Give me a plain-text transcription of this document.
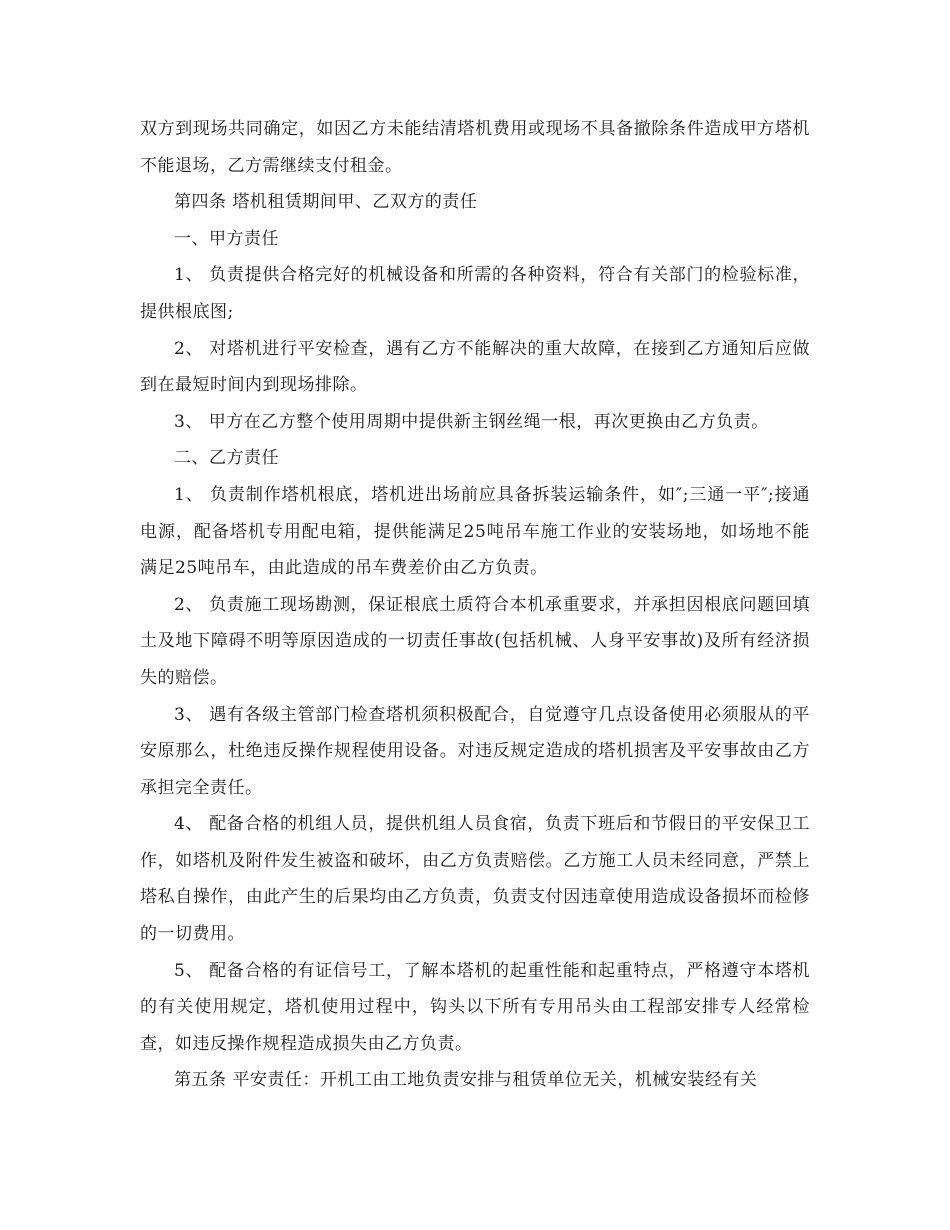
双方到现场共同确定，如因乙方未能结清塔机费用或现场不具备撤除条件造成甲方塔机不能退场，乙方需继续支付租金。

第四条 塔机租赁期间甲、乙双方的责任

一、甲方责任

1、 负责提供合格完好的机械设备和所需的各种资料，符合有关部门的检验标准，提供根底图;

2、 对塔机进行平安检查，遇有乙方不能解决的重大故障，在接到乙方通知后应做到在最短时间内到现场排除。

3、 甲方在乙方整个使用周期中提供新主钢丝绳一根，再次更换由乙方负责。

二、乙方责任

1、 负责制作塔机根底，塔机进出场前应具备拆装运输条件，如″;三通一平″;接通电源，配备塔机专用配电箱，提供能满足25吨吊车施工作业的安装场地，如场地不能满足25吨吊车，由此造成的吊车费差价由乙方负责。

2、 负责施工现场勘测，保证根底土质符合本机承重要求，并承担因根底问题回填土及地下障碍不明等原因造成的一切责任事故(包括机械、人身平安事故)及所有经济损失的赔偿。

3、 遇有各级主管部门检查塔机须积极配合，自觉遵守几点设备使用必须服从的平安原那么，杜绝违反操作规程使用设备。对违反规定造成的塔机损害及平安事故由乙方承担完全责任。

4、 配备合格的机组人员，提供机组人员食宿，负责下班后和节假日的平安保卫工作，如塔机及附件发生被盗和破坏，由乙方负责赔偿。乙方施工人员未经同意，严禁上塔私自操作，由此产生的后果均由乙方负责，负责支付因违章使用造成设备损坏而检修的一切费用。

5、 配备合格的有证信号工，了解本塔机的起重性能和起重特点，严格遵守本塔机的有关使用规定，塔机使用过程中，钩头以下所有专用吊头由工程部安排专人经常检查，如违反操作规程造成损失由乙方负责。

第五条 平安责任：开机工由工地负责安排与租赁单位无关，机械安装经有关
